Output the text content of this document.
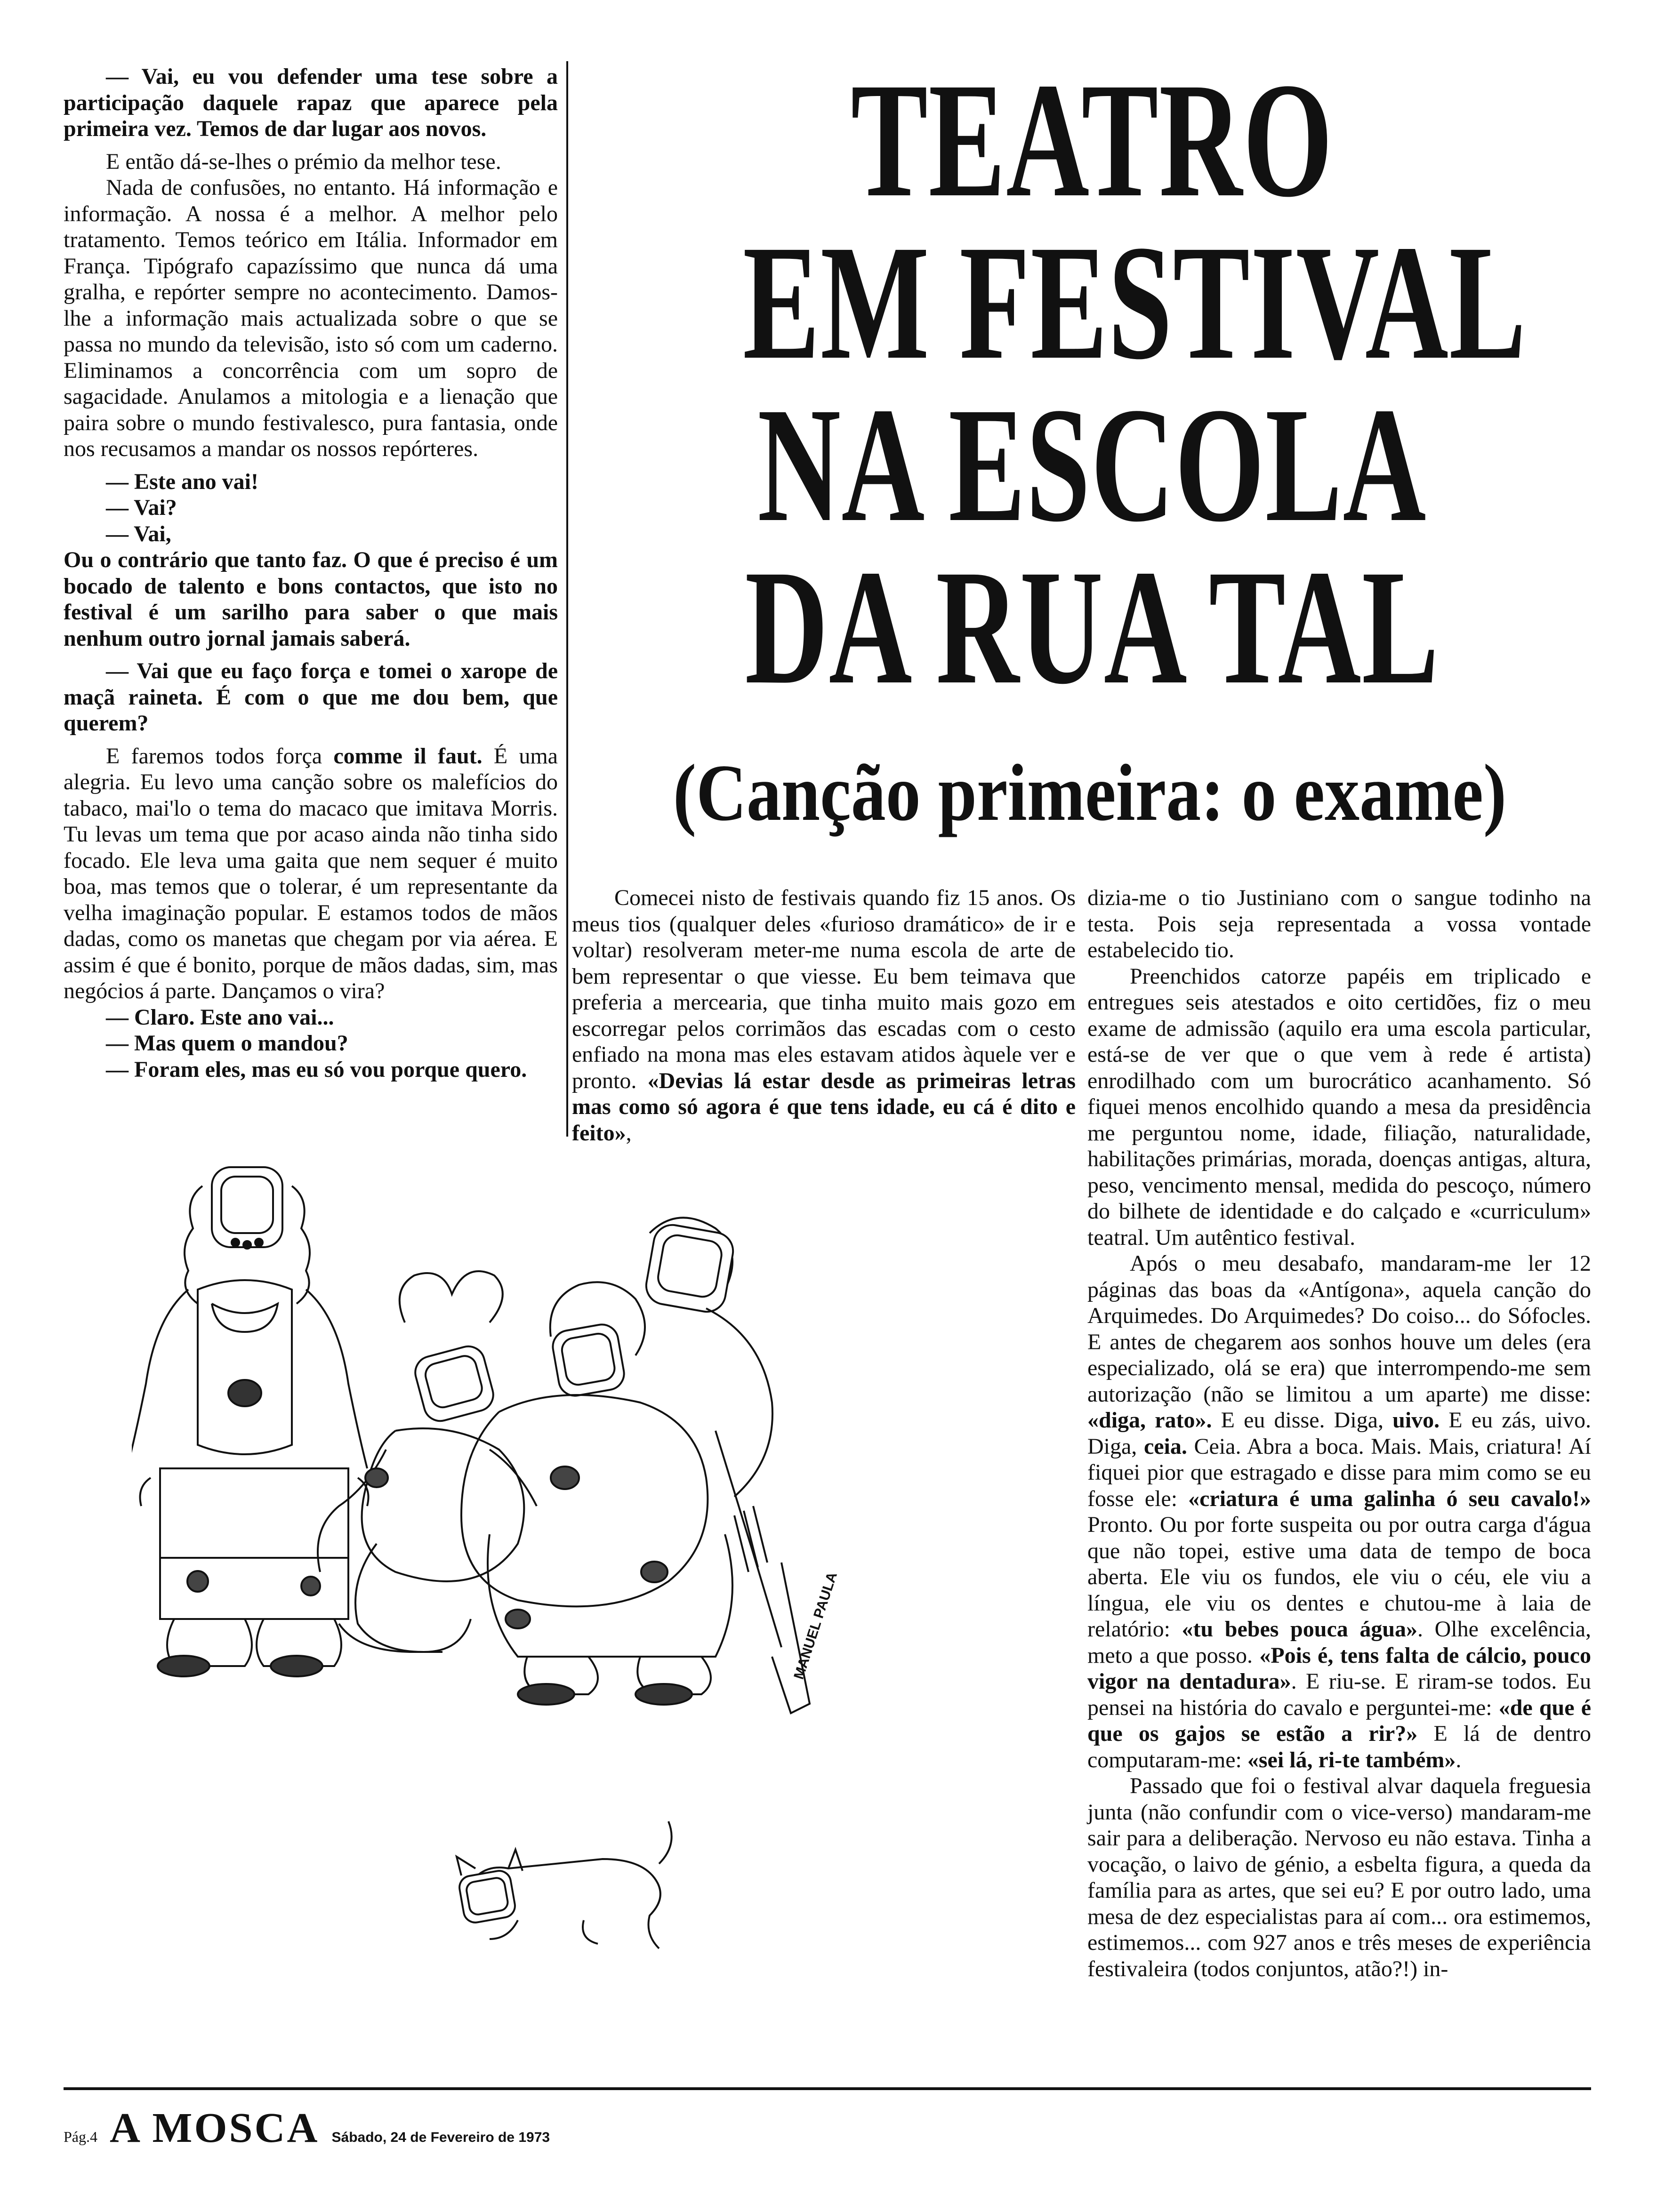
— Vai, eu vou defender uma tese sobre a participação daquele rapaz que aparece pela primeira vez. Temos de dar lugar aos novos.

E então dá-se-lhes o prémio da melhor tese.

Nada de confusões, no entanto. Há informação e informação. A nossa é a melhor. A melhor pelo tratamento. Temos teórico em Itália. Informador em França. Tipógrafo capazíssimo que nunca dá uma gralha, e repórter sempre no acontecimento. Damos-lhe a informação mais actualizada sobre o que se passa no mundo da televisão, isto só com um caderno. Eliminamos a concorrência com um sopro de sagacidade. Anulamos a mitologia e a lienação que paira sobre o mundo festivalesco, pura fantasia, onde nos recusamos a mandar os nossos repórteres.

— Este ano vai!

— Vai?

— Vai,

Ou o contrário que tanto faz. O que é preciso é um bocado de talento e bons contactos, que isto no festival é um sarilho para saber o que mais nenhum outro jornal jamais saberá.

— Vai que eu faço força e tomei o xarope de maçã raineta. É com o que me dou bem, que querem?

E faremos todos força comme il faut. É uma alegria. Eu levo uma canção sobre os malefícios do tabaco, mai'lo o tema do macaco que imitava Morris. Tu levas um tema que por acaso ainda não tinha sido focado. Ele leva uma gaita que nem sequer é muito boa, mas temos que o tolerar, é um representante da velha imaginação popular. E estamos todos de mãos dadas, como os manetas que chegam por via aérea. E assim é que é bonito, porque de mãos dadas, sim, mas negócios á parte. Dançamos o vira?

— Claro. Este ano vai...

— Mas quem o mandou?

— Foram eles, mas eu só vou porque quero.

TEATRO
EM FESTIVAL
NA ESCOLA
DA RUA TAL
(Canção primeira: o exame)

Comecei nisto de festivais quando fiz 15 anos. Os meus tios (qualquer deles «furioso dramático» de ir e voltar) resolveram meter-me numa escola de arte de bem representar o que viesse. Eu bem teimava que preferia a mercearia, que tinha muito mais gozo em escorregar pelos corrimãos das escadas com o cesto enfiado na mona mas eles estavam atidos àquele ver e pronto. «Devias lá estar desde as primeiras letras mas como só agora é que tens idade, eu cá é dito e feito»,

dizia-me o tio Justiniano com o sangue todinho na testa. Pois seja representada a vossa vontade estabelecido tio.

Preenchidos catorze papéis em triplicado e entregues seis atestados e oito certidões, fiz o meu exame de admissão (aquilo era uma escola particular, está-se de ver que o que vem à rede é artista) enrodilhado com um burocrático acanhamento. Só fiquei menos encolhido quando a mesa da presidência me perguntou nome, idade, filiação, naturalidade, habilitações primárias, morada, doenças antigas, altura, peso, vencimento mensal, medida do pescoço, número do bilhete de identidade e do calçado e «curriculum» teatral. Um autêntico festival.

Após o meu desabafo, mandaram-me ler 12 páginas das boas da «Antígona», aquela canção do Arquimedes. Do Arquimedes? Do coiso... do Sófocles. E antes de chegarem aos sonhos houve um deles (era especializado, olá se era) que interrompendo-me sem autorização (não se limitou a um aparte) me disse: «diga, rato». E eu disse. Diga, uivo. E eu zás, uivo. Diga, ceia. Ceia. Abra a boca. Mais. Mais, criatura! Aí fiquei pior que estragado e disse para mim como se eu fosse ele: «criatura é uma galinha ó seu cavalo!» Pronto. Ou por forte suspeita ou por outra carga d'água que não topei, estive uma data de tempo de boca aberta. Ele viu os fundos, ele viu o céu, ele viu a língua, ele viu os dentes e chutou-me à laia de relatório: «tu bebes pouca água». Olhe excelência, meto a que posso. «Pois é, tens falta de cálcio, pouco vigor na dentadura». E riu-se. E riram-se todos. Eu pensei na história do cavalo e perguntei-me: «de que é que os gajos se estão a rir?» E lá de dentro computaram-me: «sei lá, ri-te também».

Passado que foi o festival alvar daquela freguesia junta (não confundir com o vice-verso) mandaram-me sair para a deliberação. Nervoso eu não estava. Tinha a vocação, o laivo de génio, a esbelta figura, a queda da família para as artes, que sei eu? E por outro lado, uma mesa de dez especialistas para aí com... ora estimemos, estimemos... com 927 anos e três meses de experiência festivaleira (todos conjuntos, atão?!) in-

MANUEL PAULA
Pág.4 A MOSCA Sábado, 24 de Fevereiro de 1973
